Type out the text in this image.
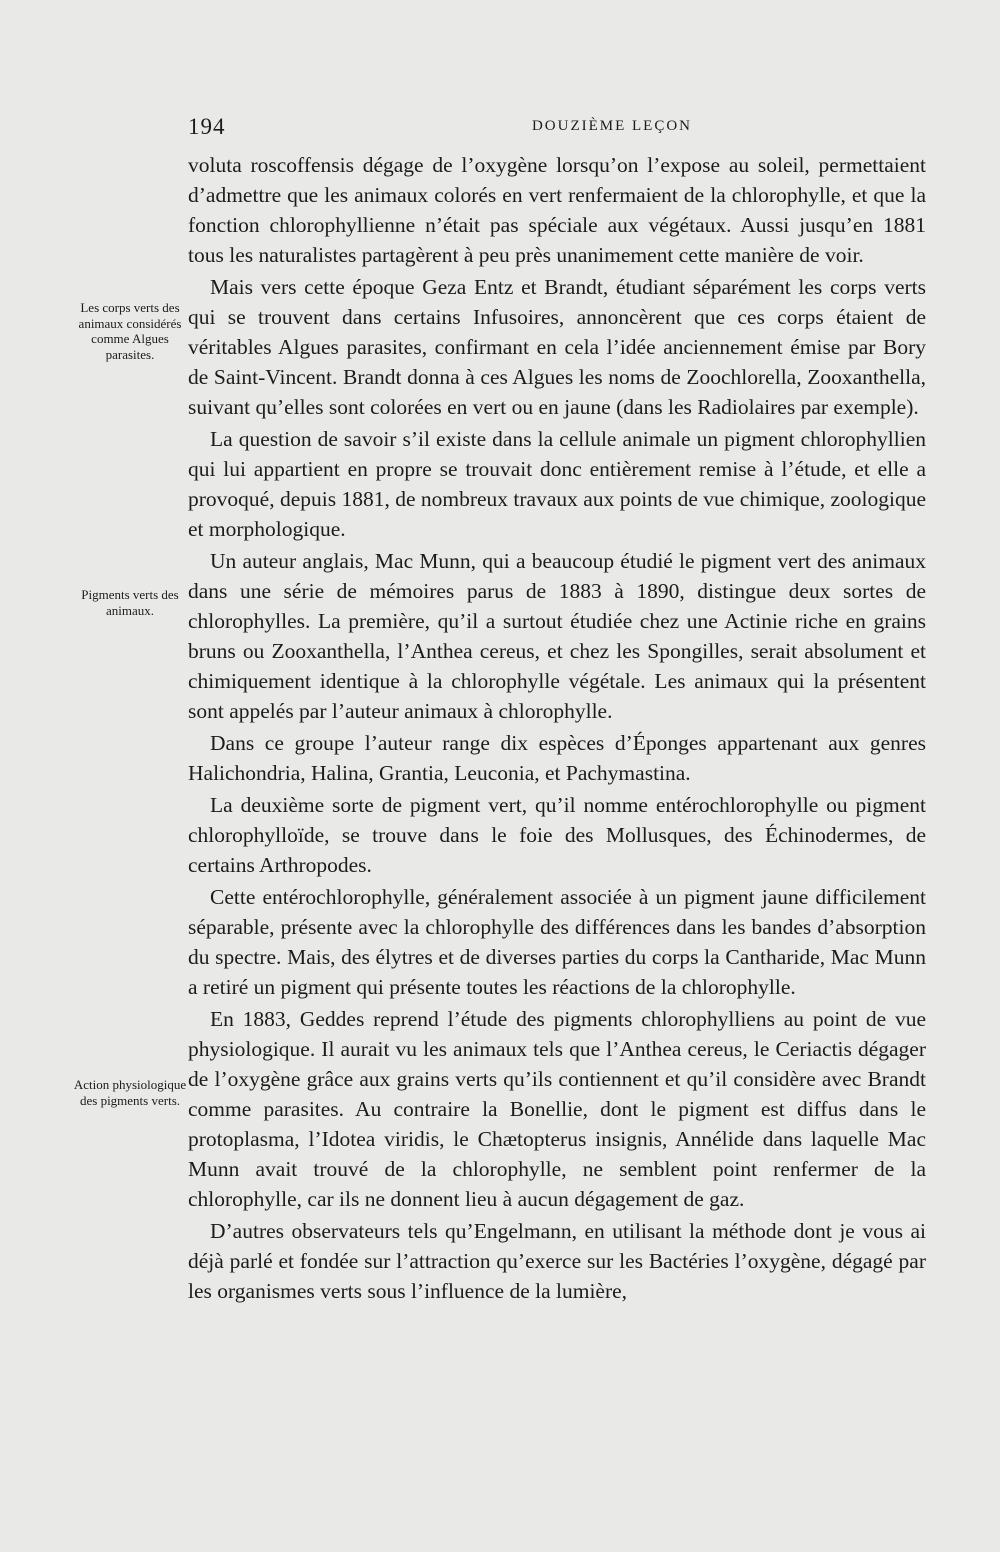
194	DOUZIÈME LEÇON
Les corps verts des animaux considérés comme Algues parasites.
Pigments verts des animaux.
Action physiologique des pigments verts.

voluta roscoffensis dégage de l’oxygène lorsqu’on l’expose au soleil, permettaient d’admettre que les animaux colorés en vert renfermaient de la chlorophylle, et que la fonction chlorophyllienne n’était pas spéciale aux végétaux. Aussi jusqu’en 1881 tous les naturalistes partagèrent à peu près unanimement cette manière de voir.

Mais vers cette époque Geza Entz et Brandt, étudiant séparément les corps verts qui se trouvent dans certains Infusoires, annoncèrent que ces corps étaient de véritables Algues parasites, confirmant en cela l’idée anciennement émise par Bory de Saint-Vincent. Brandt donna à ces Algues les noms de Zoochlorella, Zooxanthella, suivant qu’elles sont colorées en vert ou en jaune (dans les Radiolaires par exemple).

La question de savoir s’il existe dans la cellule animale un pigment chlorophyllien qui lui appartient en propre se trouvait donc entièrement remise à l’étude, et elle a provoqué, depuis 1881, de nombreux travaux aux points de vue chimique, zoologique et morphologique.

Un auteur anglais, Mac Munn, qui a beaucoup étudié le pigment vert des animaux dans une série de mémoires parus de 1883 à 1890, distingue deux sortes de chlorophylles. La première, qu’il a surtout étudiée chez une Actinie riche en grains bruns ou Zooxanthella, l’Anthea cereus, et chez les Spongilles, serait absolument et chimiquement identique à la chlorophylle végétale. Les animaux qui la présentent sont appelés par l’auteur animaux à chlorophylle.

Dans ce groupe l’auteur range dix espèces d’Éponges appartenant aux genres Halichondria, Halina, Grantia, Leuconia, et Pachymastina.

La deuxième sorte de pigment vert, qu’il nomme entérochlorophylle ou pigment chlorophylloïde, se trouve dans le foie des Mollusques, des Échinodermes, de certains Arthropodes.

Cette entérochlorophylle, généralement associée à un pigment jaune difficilement séparable, présente avec la chlorophylle des différences dans les bandes d’absorption du spectre. Mais, des élytres et de diverses parties du corps la Cantharide, Mac Munn a retiré un pigment qui présente toutes les réactions de la chlorophylle.

En 1883, Geddes reprend l’étude des pigments chlorophylliens au point de vue physiologique. Il aurait vu les animaux tels que l’Anthea cereus, le Ceriactis dégager de l’oxygène grâce aux grains verts qu’ils contiennent et qu’il considère avec Brandt comme parasites. Au contraire la Bonellie, dont le pigment est diffus dans le protoplasma, l’Idotea viridis, le Chætopterus insignis, Annélide dans laquelle Mac Munn avait trouvé de la chlorophylle, ne semblent point renfermer de la chlorophylle, car ils ne donnent lieu à aucun dégagement de gaz.

D’autres observateurs tels qu’Engelmann, en utilisant la méthode dont je vous ai déjà parlé et fondée sur l’attraction qu’exerce sur les Bactéries l’oxygène, dégagé par les organismes verts sous l’influence de la lumière,
